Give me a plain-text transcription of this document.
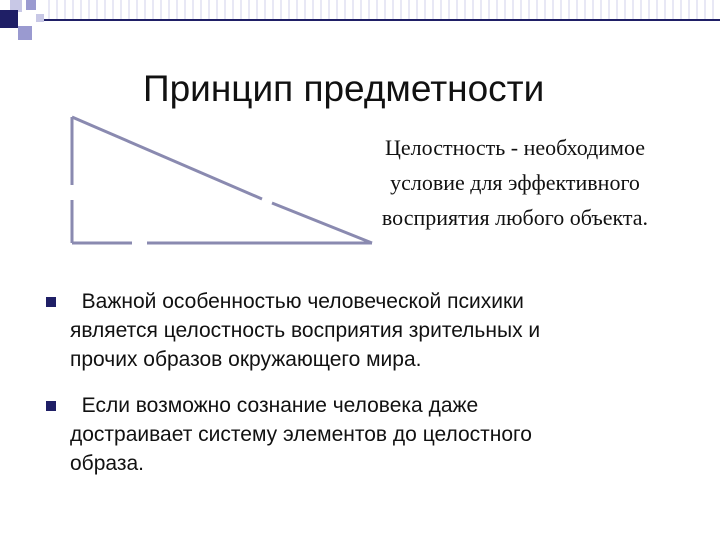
Принцип предметности
Целостность - необходимое
условие для эффективного
восприятия любого объекта.
Важной особенностью человеческой психики
является целостность восприятия зрительных и
прочих образов окружающего мира.
Если возможно сознание человека даже
достраивает систему элементов до целостного
образа.
